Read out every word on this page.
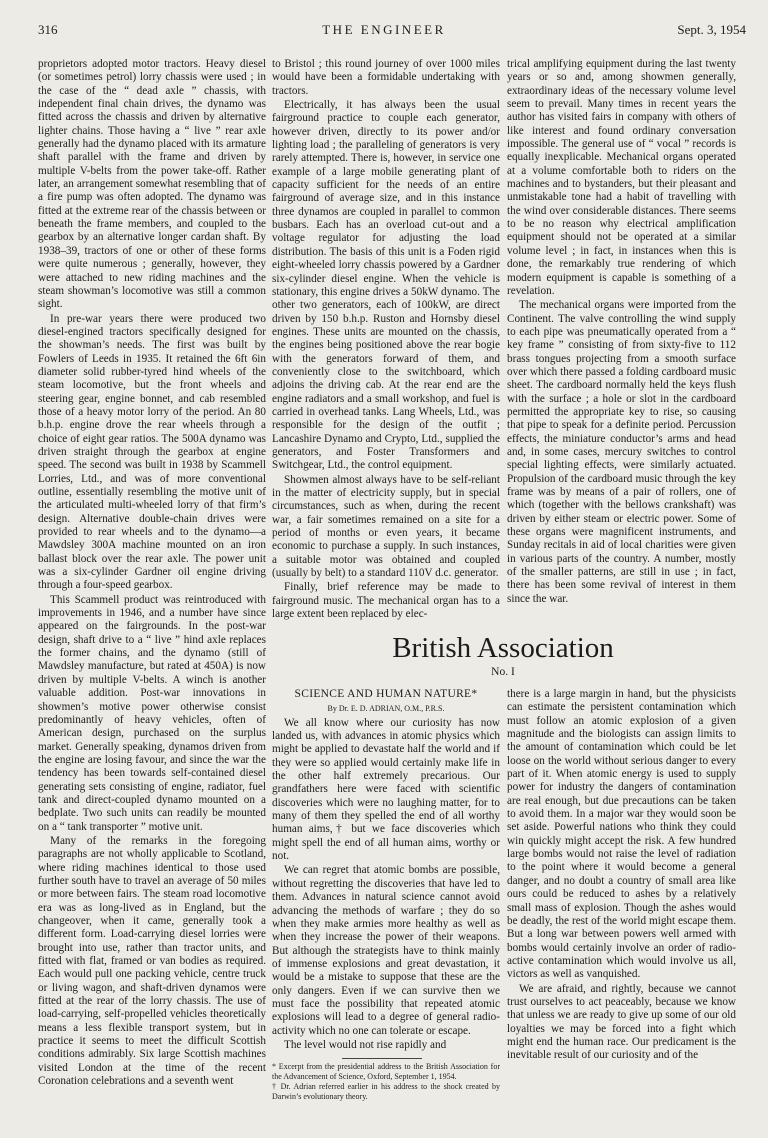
316	THE ENGINEER	Sept. 3, 1954

proprietors adopted motor tractors. Heavy diesel (or sometimes petrol) lorry chassis were used ; in the case of the “ dead axle ” chassis, with independent final chain drives, the dynamo was fitted across the chassis and driven by alternative lighter chains. Those having a “ live ” rear axle generally had the dynamo placed with its armature shaft parallel with the frame and driven by multiple V-belts from the power take-off. Rather later, an arrangement somewhat resembling that of a fire pump was often adopted. The dynamo was fitted at the extreme rear of the chassis between or beneath the frame members, and coupled to the gearbox by an alternative longer cardan shaft. By 1938–39, tractors of one or other of these forms were quite numerous ; generally, however, they were attached to new riding machines and the steam showman’s locomotive was still a common sight.

In pre-war years there were produced two diesel-engined tractors specifically designed for the showman’s needs. The first was built by Fowlers of Leeds in 1935. It retained the 6ft 6in diameter solid rubber-tyred hind wheels of the steam locomotive, but the front wheels and steering gear, engine bonnet, and cab resembled those of a heavy motor lorry of the period. An 80 b.h.p. engine drove the rear wheels through a choice of eight gear ratios. The 500A dynamo was driven straight through the gearbox at engine speed. The second was built in 1938 by Scammell Lorries, Ltd., and was of more conventional outline, essentially resembling the motive unit of the articulated multi-wheeled lorry of that firm’s design. Alternative double-chain drives were provided to rear wheels and to the dynamo—a Mawdsley 300A machine mounted on an iron ballast block over the rear axle. The power unit was a six-cylinder Gardner oil engine driving through a four-speed gearbox.

This Scammell product was reintroduced with improvements in 1946, and a number have since appeared on the fairgrounds. In the post-war design, shaft drive to a “ live ” hind axle replaces the former chains, and the dynamo (still of Mawdsley manufacture, but rated at 450A) is now driven by multiple V-belts. A winch is another valuable addition. Post-war innovations in showmen’s motive power otherwise consist predominantly of heavy vehicles, often of American design, purchased on the surplus market. Generally speaking, dynamos driven from the engine are losing favour, and since the war the tendency has been towards self-contained diesel generating sets consisting of engine, radiator, fuel tank and direct-coupled dynamo mounted on a bedplate. Two such units can readily be mounted on a “ tank transporter ” motive unit.

Many of the remarks in the foregoing paragraphs are not wholly applicable to Scotland, where riding machines identical to those used further south have to travel an average of 50 miles or more between fairs. The steam road locomotive era was as long-lived as in England, but the changeover, when it came, generally took a different form. Load-carrying diesel lorries were brought into use, rather than tractor units, and fitted with flat, framed or van bodies as required. Each would pull one packing vehicle, centre truck or living wagon, and shaft-driven dynamos were fitted at the rear of the lorry chassis. The use of load-carrying, self-propelled vehicles theoretically means a less flexible transport system, but in practice it seems to meet the difficult Scottish conditions admirably. Six large Scottish machines visited London at the time of the recent Coronation celebrations and a seventh went

to Bristol ; this round journey of over 1000 miles would have been a formidable undertaking with tractors.

Electrically, it has always been the usual fairground practice to couple each generator, however driven, directly to its power and/or lighting load ; the paralleling of generators is very rarely attempted. There is, however, in service one example of a large mobile generating plant of capacity sufficient for the needs of an entire fairground of average size, and in this instance three dynamos are coupled in parallel to common busbars. Each has an overload cut-out and a voltage regulator for adjusting the load distribution. The basis of this unit is a Foden rigid eight-wheeled lorry chassis powered by a Gardner six-cylinder diesel engine. When the vehicle is stationary, this engine drives a 50kW dynamo. The other two generators, each of 100kW, are direct driven by 150 b.h.p. Ruston and Hornsby diesel engines. These units are mounted on the chassis, the engines being positioned above the rear bogie with the generators forward of them, and conveniently close to the switchboard, which adjoins the driving cab. At the rear end are the engine radiators and a small workshop, and fuel is carried in overhead tanks. Lang Wheels, Ltd., was responsible for the design of the outfit ; Lancashire Dynamo and Crypto, Ltd., supplied the generators, and Foster Transformers and Switchgear, Ltd., the control equipment.

Showmen almost always have to be self-reliant in the matter of electricity supply, but in special circumstances, such as when, during the recent war, a fair sometimes remained on a site for a period of months or even years, it became economic to purchase a supply. In such instances, a suitable motor was obtained and coupled (usually by belt) to a standard 110V d.c. generator.

Finally, brief reference may be made to fairground music. The mechanical organ has to a large extent been replaced by elec-

trical amplifying equipment during the last twenty years or so and, among showmen generally, extraordinary ideas of the necessary volume level seem to prevail. Many times in recent years the author has visited fairs in company with others of like interest and found ordinary conversation impossible. The general use of “ vocal ” records is equally inexplicable. Mechanical organs operated at a volume comfortable both to riders on the machines and to bystanders, but their pleasant and unmistakable tone had a habit of travelling with the wind over considerable distances. There seems to be no reason why electrical amplification equipment should not be operated at a similar volume level ; in fact, in instances when this is done, the remarkably true rendering of which modern equipment is capable is something of a revelation.

The mechanical organs were imported from the Continent. The valve controlling the wind supply to each pipe was pneumatically operated from a “ key frame ” consisting of from sixty-five to 112 brass tongues projecting from a smooth surface over which there passed a folding cardboard music sheet. The cardboard normally held the keys flush with the surface ; a hole or slot in the cardboard permitted the appropriate key to rise, so causing that pipe to speak for a definite period. Percussion effects, the miniature conductor’s arms and head and, in some cases, mercury switches to control special lighting effects, were similarly actuated. Propulsion of the cardboard music through the key frame was by means of a pair of rollers, one of which (together with the bellows crankshaft) was driven by either steam or electric power. Some of these organs were magnificent instruments, and Sunday recitals in aid of local charities were given in various parts of the country. A number, mostly of the smaller patterns, are still in use ; in fact, there has been some revival of interest in them since the war.

British Association
No. I

SCIENCE AND HUMAN NATURE*

By Dr. E. D. ADRIAN, O.M., P.R.S.

We all know where our curiosity has now landed us, with advances in atomic physics which might be applied to devastate half the world and if they were so applied would certainly make life in the other half extremely precarious. Our grandfathers here were faced with scientific discoveries which were no laughing matter, for to many of them they spelled the end of all worthy human aims,† but we face discoveries which might spell the end of all human aims, worthy or not.

We can regret that atomic bombs are possible, without regretting the discoveries that have led to them. Advances in natural science cannot avoid advancing the methods of warfare ; they do so when they make armies more healthy as well as when they increase the power of their weapons. But although the strategists have to think mainly of immense explosions and great devastation, it would be a mistake to suppose that these are the only dangers. Even if we can survive then we must face the possibility that repeated atomic explosions will lead to a degree of general radio-activity which no one can tolerate or escape.

The level would not rise rapidly and

* Excerpt from the presidential address to the British Association for the Advancement of Science, Oxford, September 1, 1954.

† Dr. Adrian referred earlier in his address to the shock created by Darwin’s evolutionary theory.

there is a large margin in hand, but the physicists can estimate the persistent contamination which must follow an atomic explosion of a given magnitude and the biologists can assign limits to the amount of contamination which could be let loose on the world without serious danger to every part of it. When atomic energy is used to supply power for industry the dangers of contamination are real enough, but due precautions can be taken to avoid them. In a major war they would soon be set aside. Powerful nations who think they could win quickly might accept the risk. A few hundred large bombs would not raise the level of radiation to the point where it would become a general danger, and no doubt a country of small area like ours could be reduced to ashes by a relatively small mass of explosion. Though the ashes would be deadly, the rest of the world might escape them. But a long war between powers well armed with bombs would certainly involve an order of radio-active contamination which would involve us all, victors as well as vanquished.

We are afraid, and rightly, because we cannot trust ourselves to act peaceably, because we know that unless we are ready to give up some of our old loyalties we may be forced into a fight which might end the human race. Our predicament is the inevitable result of our curiosity and of the
